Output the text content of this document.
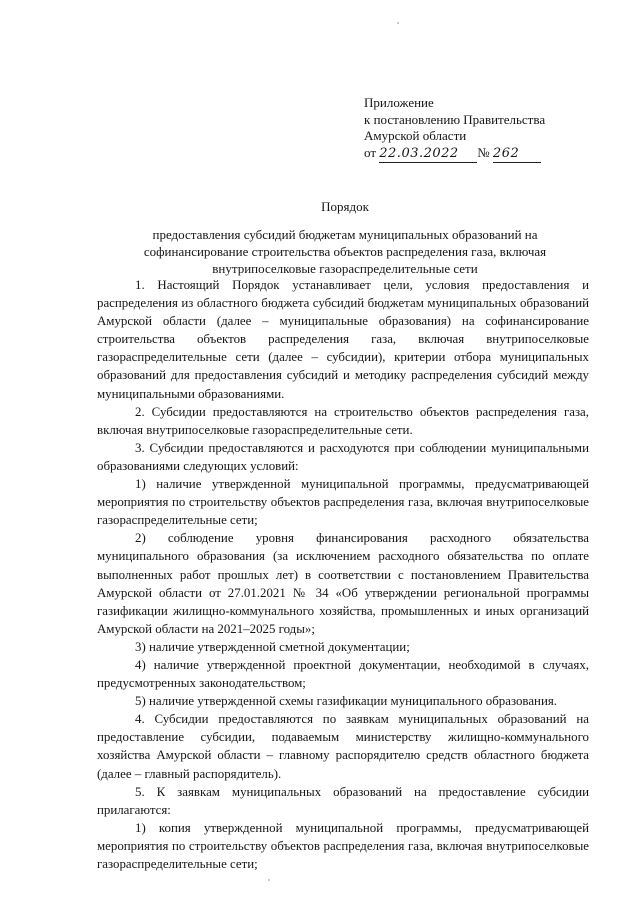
Приложение
к постановлению Правительства
Амурской области
от 22.03.2022 № 262
Порядок
предоставления субсидий бюджетам муниципальных образований на софинансирование строительства объектов распределения газа, включая внутрипоселковые газораспределительные сети

1. Настоящий Порядок устанавливает цели, условия предоставления и распределения из областного бюджета субсидий бюджетам муниципальных образований Амурской области (далее – муниципальные образования) на софинансирование строительства объектов распределения газа, включая внутрипоселковые газораспределительные сети (далее – субсидии), критерии отбора муниципальных образований для предоставления субсидий и методику распределения субсидий между муниципальными образованиями.

2. Субсидии предоставляются на строительство объектов распределения газа, включая внутрипоселковые газораспределительные сети.

3. Субсидии предоставляются и расходуются при соблюдении муниципальными образованиями следующих условий:

1) наличие утвержденной муниципальной программы, предусматривающей мероприятия по строительству объектов распределения газа, включая внутрипоселковые газораспределительные сети;

2) соблюдение уровня финансирования расходного обязательства муниципального образования (за исключением расходного обязательства по оплате выполненных работ прошлых лет) в соответствии с постановлением Правительства Амурской области от 27.01.2021 № 34 «Об утверждении региональной программы газификации жилищно-коммунального хозяйства, промышленных и иных организаций Амурской области на 2021–2025 годы»;

3) наличие утвержденной сметной документации;

4) наличие утвержденной проектной документации, необходимой в случаях, предусмотренных законодательством;

5) наличие утвержденной схемы газификации муниципального образования.

4. Субсидии предоставляются по заявкам муниципальных образований на предоставление субсидии, подаваемым министерству жилищно-коммунального хозяйства Амурской области – главному распорядителю средств областного бюджета (далее – главный распорядитель).

5. К заявкам муниципальных образований на предоставление субсидии прилагаются:

1) копия утвержденной муниципальной программы, предусматривающей мероприятия по строительству объектов распределения газа, включая внутрипоселковые газораспределительные сети;
